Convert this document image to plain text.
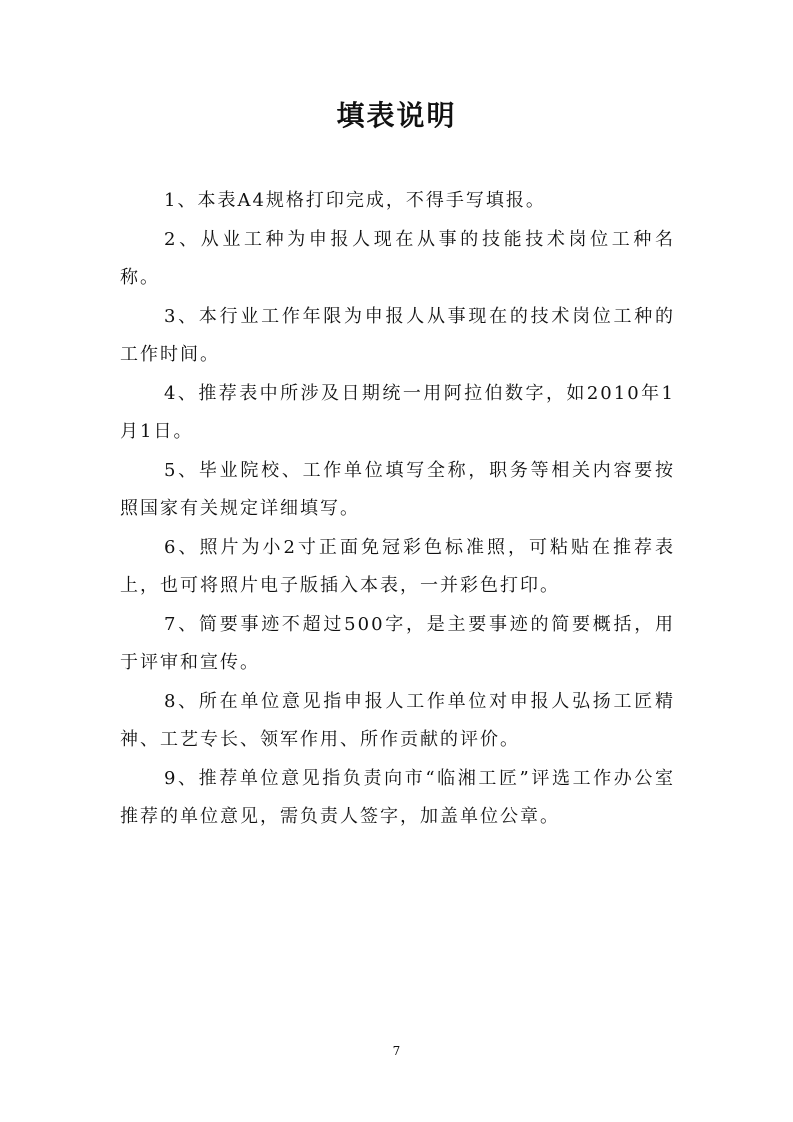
填表说明

1、本表A4规格打印完成，不得手写填报。

2、从业工种为申报人现在从事的技能技术岗位工种名称。

3、本行业工作年限为申报人从事现在的技术岗位工种的工作时间。

4、推荐表中所涉及日期统一用阿拉伯数字，如2010年1月1日。

5、毕业院校、工作单位填写全称，职务等相关内容要按照国家有关规定详细填写。

6、照片为小2寸正面免冠彩色标准照，可粘贴在推荐表上，也可将照片电子版插入本表，一并彩色打印。

7、简要事迹不超过500字，是主要事迹的简要概括，用于评审和宣传。

8、所在单位意见指申报人工作单位对申报人弘扬工匠精神、工艺专长、领军作用、所作贡献的评价。

9、推荐单位意见指负责向市“临湘工匠”评选工作办公室推荐的单位意见，需负责人签字，加盖单位公章。

7
